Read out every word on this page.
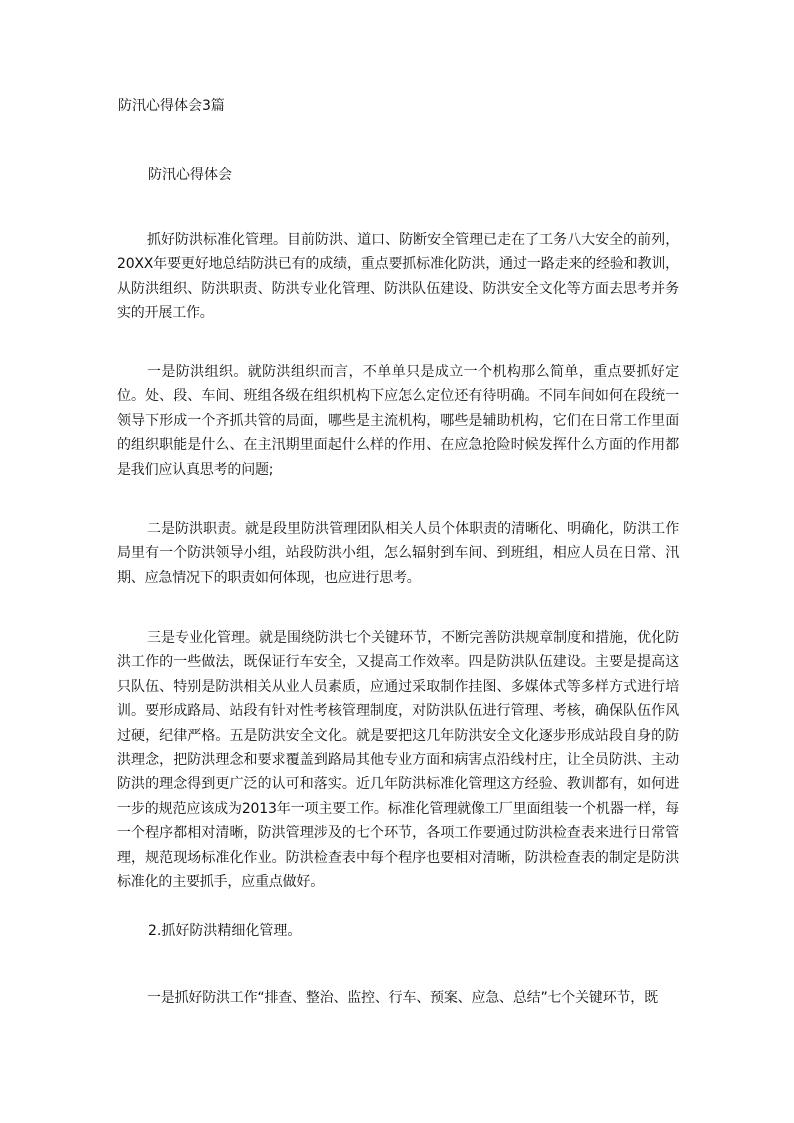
防汛心得体会3篇
防汛心得体会

抓好防洪标准化管理。目前防洪、道口、防断安全管理已走在了工务八大安全的前列，20XX年要更好地总结防洪已有的成绩，重点要抓标准化防洪，通过一路走来的经验和教训，从防洪组织、防洪职责、防洪专业化管理、防洪队伍建设、防洪安全文化等方面去思考并务实的开展工作。

一是防洪组织。就防洪组织而言，不单单只是成立一个机构那么简单，重点要抓好定位。处、段、车间、班组各级在组织机构下应怎么定位还有待明确。不同车间如何在段统一领导下形成一个齐抓共管的局面，哪些是主流机构，哪些是辅助机构，它们在日常工作里面的组织职能是什么、在主汛期里面起什么样的作用、在应急抢险时候发挥什么方面的作用都是我们应认真思考的问题;

二是防洪职责。就是段里防洪管理团队相关人员个体职责的清晰化、明确化，防洪工作局里有一个防洪领导小组，站段防洪小组，怎么辐射到车间、到班组，相应人员在日常、汛期、应急情况下的职责如何体现，也应进行思考。

三是专业化管理。就是围绕防洪七个关键环节，不断完善防洪规章制度和措施，优化防洪工作的一些做法，既保证行车安全，又提高工作效率。四是防洪队伍建设。主要是提高这只队伍、特别是防洪相关从业人员素质，应通过采取制作挂图、多媒体式等多样方式进行培训。要形成路局、站段有针对性考核管理制度，对防洪队伍进行管理、考核，确保队伍作风过硬，纪律严格。五是防洪安全文化。就是要把这几年防洪安全文化逐步形成站段自身的防洪理念，把防洪理念和要求覆盖到路局其他专业方面和病害点沿线村庄，让全员防洪、主动防洪的理念得到更广泛的认可和落实。近几年防洪标准化管理这方经验、教训都有，如何进一步的规范应该成为2013年一项主要工作。标准化管理就像工厂里面组装一个机器一样，每一个程序都相对清晰，防洪管理涉及的七个环节，各项工作要通过防洪检查表来进行日常管理，规范现场标准化作业。防洪检查表中每个程序也要相对清晰，防洪检查表的制定是防洪标准化的主要抓手，应重点做好。

2.抓好防洪精细化管理。

一是抓好防洪工作“排查、整治、监控、行车、预案、应急、总结”七个关键环节，既
